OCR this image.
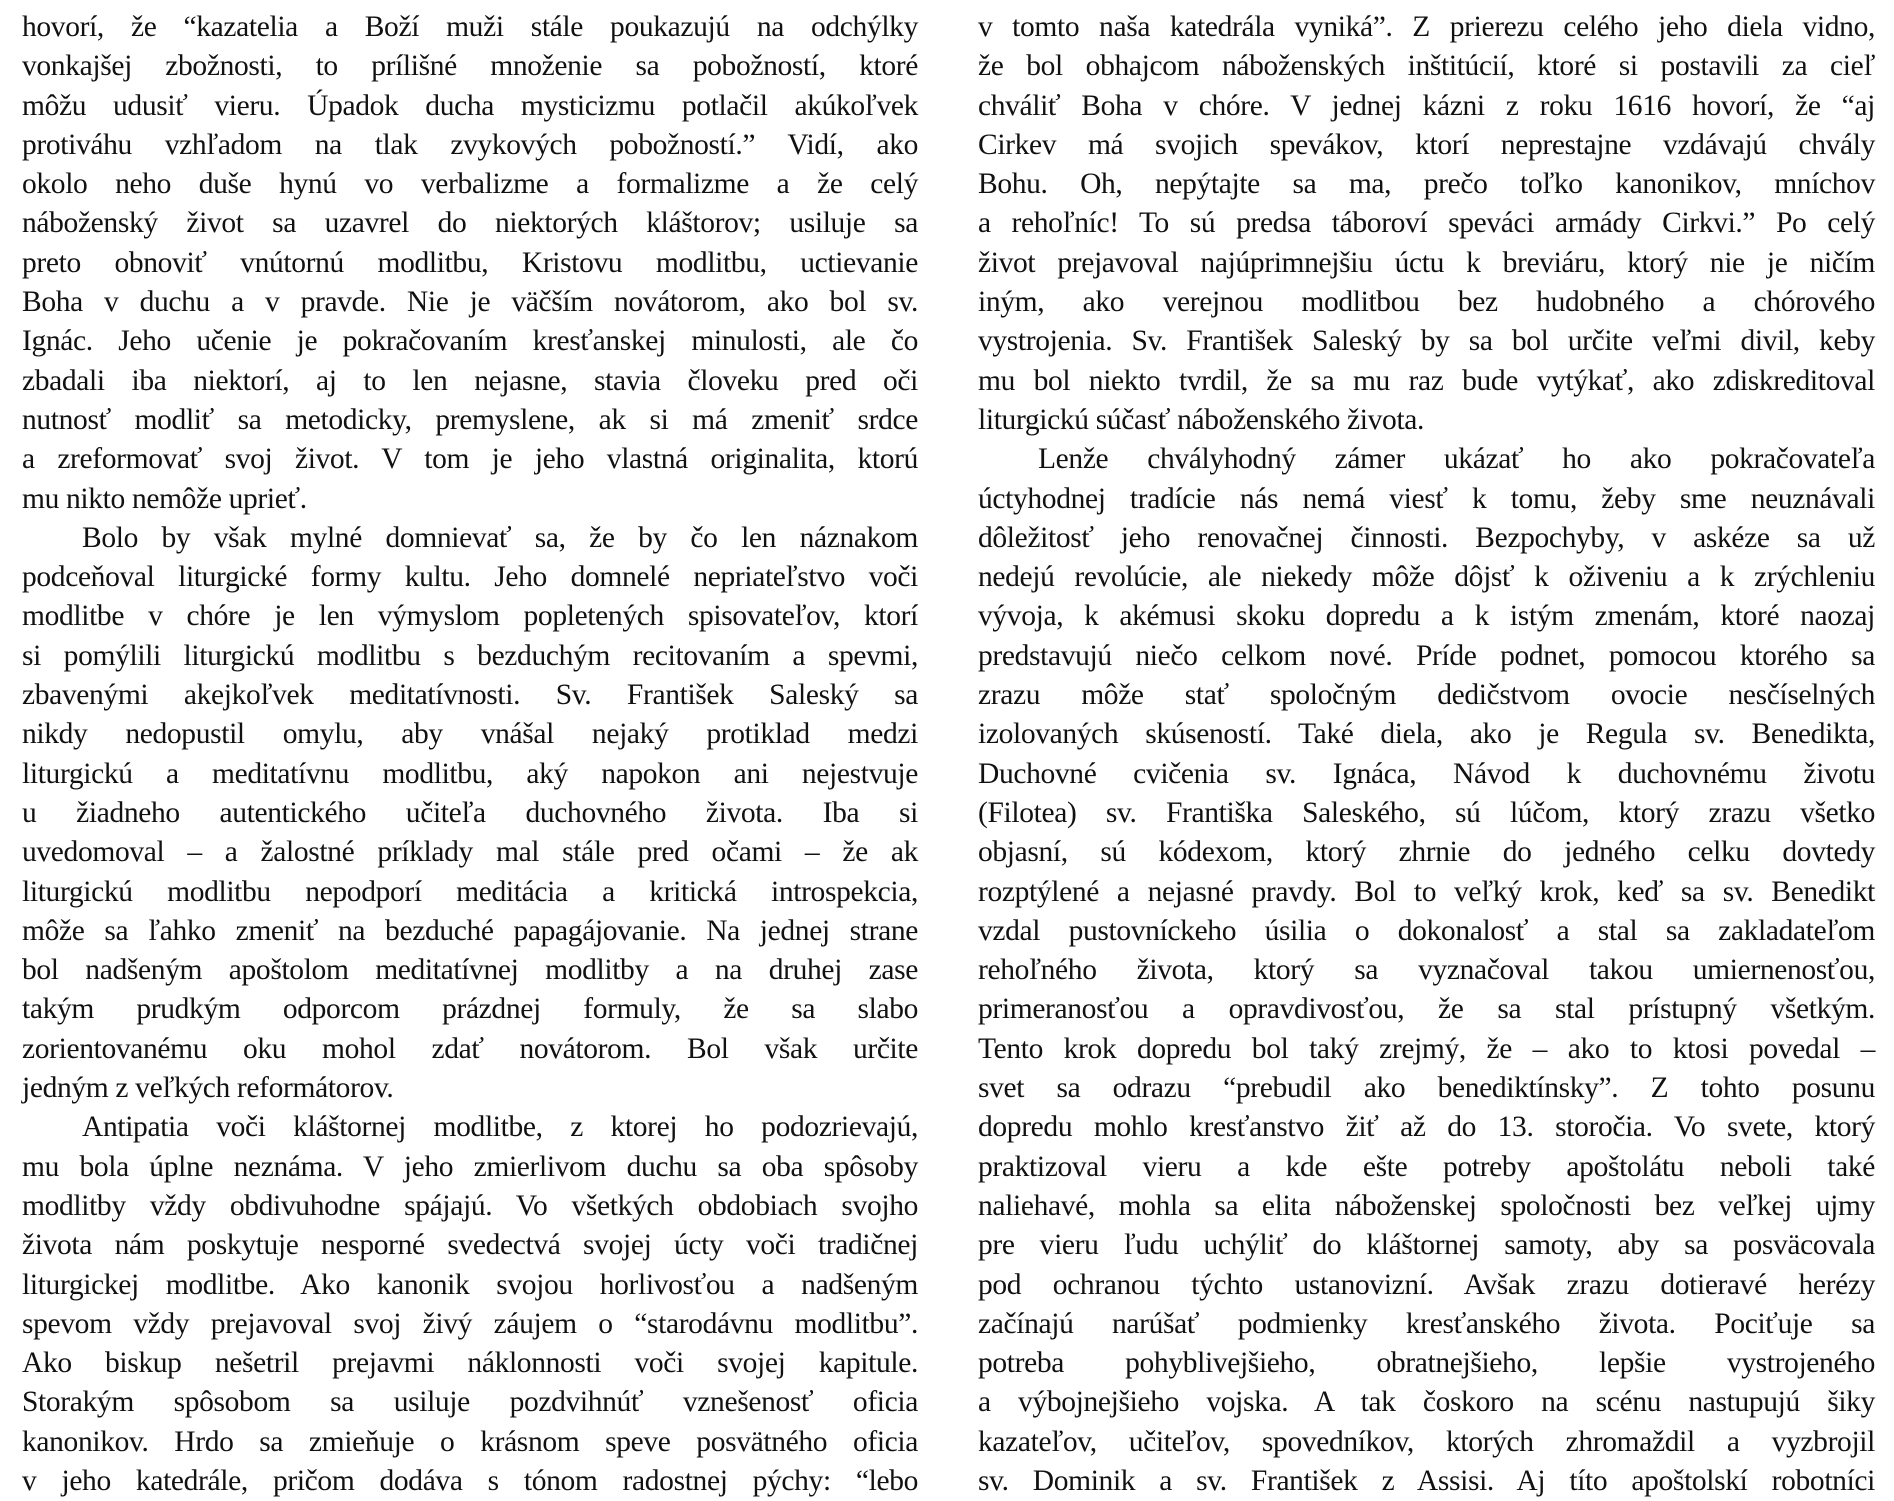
hovorí, že “kazatelia a Boží muži stále poukazujú na odchýlky
vonkajšej zbožnosti, to prílišné množenie sa pobožností, ktoré
môžu udusiť vieru. Úpadok ducha mysticizmu potlačil akúkoľvek
protiváhu vzhľadom na tlak zvykových pobožností.” Vidí, ako
okolo neho duše hynú vo verbalizme a formalizme a že celý
náboženský život sa uzavrel do niektorých kláštorov; usiluje sa
preto obnoviť vnútornú modlitbu, Kristovu modlitbu, uctievanie
Boha v duchu a v pravde. Nie je väčším novátorom, ako bol sv.
Ignác. Jeho učenie je pokračovaním kresťanskej minulosti, ale čo
zbadali iba niektorí, aj to len nejasne, stavia človeku pred oči
nutnosť modliť sa metodicky, premyslene, ak si má zmeniť srdce
a zreformovať svoj život. V tom je jeho vlastná originalita, ktorú
mu nikto nemôže uprieť.
Bolo by však mylné domnievať sa, že by čo len náznakom
podceňoval liturgické formy kultu. Jeho domnelé nepriateľstvo voči
modlitbe v chóre je len výmyslom popletených spisovateľov, ktorí
si pomýlili liturgickú modlitbu s bezduchým recitovaním a spevmi,
zbavenými akejkoľvek meditatívnosti. Sv. František Saleský sa
nikdy nedopustil omylu, aby vnášal nejaký protiklad medzi
liturgickú a meditatívnu modlitbu, aký napokon ani nejestvuje
u žiadneho autentického učiteľa duchovného života. Iba si
uvedomoval – a žalostné príklady mal stále pred očami – že ak
liturgickú modlitbu nepodporí meditácia a kritická introspekcia,
môže sa ľahko zmeniť na bezduché papagájovanie. Na jednej strane
bol nadšeným apoštolom meditatívnej modlitby a na druhej zase
takým prudkým odporcom prázdnej formuly, že sa slabo
zorientovanému oku mohol zdať novátorom. Bol však určite
jedným z veľkých reformátorov.
Antipatia voči kláštornej modlitbe, z ktorej ho podozrievajú,
mu bola úplne neznáma. V jeho zmierlivom duchu sa oba spôsoby
modlitby vždy obdivuhodne spájajú. Vo všetkých obdobiach svojho
života nám poskytuje nesporné svedectvá svojej úcty voči tradičnej
liturgickej modlitbe. Ako kanonik svojou horlivosťou a nadšeným
spevom vždy prejavoval svoj živý záujem o “starodávnu modlitbu”.
Ako biskup nešetril prejavmi náklonnosti voči svojej kapitule.
Storakým spôsobom sa usiluje pozdvihnúť vznešenosť oficia
kanonikov. Hrdo sa zmieňuje o krásnom speve posvätného oficia
v jeho katedrále, pričom dodáva s tónom radostnej pýchy: “lebo
v tomto naša katedrála vyniká”. Z prierezu celého jeho diela vidno,
že bol obhajcom náboženských inštitúcií, ktoré si postavili za cieľ
chváliť Boha v chóre. V jednej kázni z roku 1616 hovorí, že “aj
Cirkev má svojich spevákov, ktorí neprestajne vzdávajú chvály
Bohu. Oh, nepýtajte sa ma, prečo toľko kanonikov, mníchov
a rehoľníc! To sú predsa táboroví speváci armády Cirkvi.” Po celý
život prejavoval najúprimnejšiu úctu k breviáru, ktorý nie je ničím
iným, ako verejnou modlitbou bez hudobného a chórového
vystrojenia. Sv. František Saleský by sa bol určite veľmi divil, keby
mu bol niekto tvrdil, že sa mu raz bude vytýkať, ako zdiskreditoval
liturgickú súčasť náboženského života.
Lenže chvályhodný zámer ukázať ho ako pokračovateľa
úctyhodnej tradície nás nemá viesť k tomu, žeby sme neuznávali
dôležitosť jeho renovačnej činnosti. Bezpochyby, v askéze sa už
nedejú revolúcie, ale niekedy môže dôjsť k oživeniu a k zrýchleniu
vývoja, k akémusi skoku dopredu a k istým zmenám, ktoré naozaj
predstavujú niečo celkom nové. Príde podnet, pomocou ktorého sa
zrazu môže stať spoločným dedičstvom ovocie nesčíselných
izolovaných skúseností. Také diela, ako je Regula sv. Benedikta,
Duchovné cvičenia sv. Ignáca, Návod k duchovnému životu
(Filotea) sv. Františka Saleského, sú lúčom, ktorý zrazu všetko
objasní, sú kódexom, ktorý zhrnie do jedného celku dovtedy
rozptýlené a nejasné pravdy. Bol to veľký krok, keď sa sv. Benedikt
vzdal pustovníckeho úsilia o dokonalosť a stal sa zakladateľom
rehoľného života, ktorý sa vyznačoval takou umiernenosťou,
primeranosťou a opravdivosťou, že sa stal prístupný všetkým.
Tento krok dopredu bol taký zrejmý, že – ako to ktosi povedal –
svet sa odrazu “prebudil ako benediktínsky”. Z tohto posunu
dopredu mohlo kresťanstvo žiť až do 13. storočia. Vo svete, ktorý
praktizoval vieru a kde ešte potreby apoštolátu neboli také
naliehavé, mohla sa elita náboženskej spoločnosti bez veľkej ujmy
pre vieru ľudu uchýliť do kláštornej samoty, aby sa posväcovala
pod ochranou týchto ustanovizní. Avšak zrazu dotieravé herézy
začínajú narúšať podmienky kresťanského života. Pociťuje sa
potreba pohyblivejšieho, obratnejšieho, lepšie vystrojeného
a výbojnejšieho vojska. A tak čoskoro na scénu nastupujú šiky
kazateľov, učiteľov, spovedníkov, ktorých zhromaždil a vyzbrojil
sv. Dominik a sv. František z Assisi. Aj títo apoštolskí robotníci
